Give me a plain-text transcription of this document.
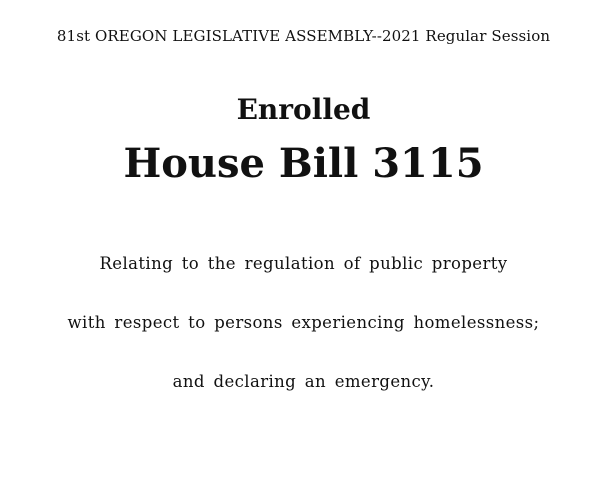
81st OREGON LEGISLATIVE ASSEMBLY--2021 Regular Session
Enrolled
House Bill 3115
Relating to the regulation of public property
with respect to persons experiencing homelessness;
and declaring an emergency.
